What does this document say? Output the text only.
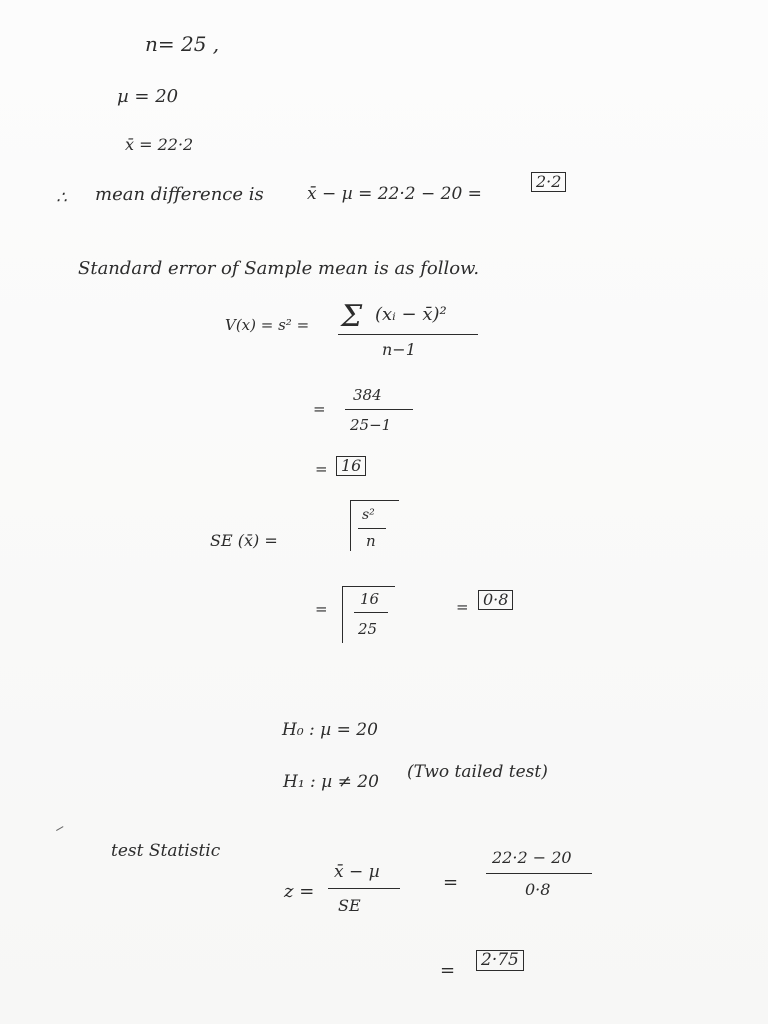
n= 25 ,
µ = 20
x̄ = 22·2
∴ mean difference is	x̄ − µ = 22·2 − 20 =
2·2
Standard error of Sample mean is as follow.
V(x) = s² = Σ (xᵢ − x̄)²
n−1
=
384
25−1
= 16
SE (x̄) =
s²
n
=
16
25
= 0·8
H₀ : µ = 20
H₁ : µ ≠ 20 (Two tailed test)
test Statistic
z =
x̄ − µ
SE
=
22·2 − 20
0·8
= 2·75
